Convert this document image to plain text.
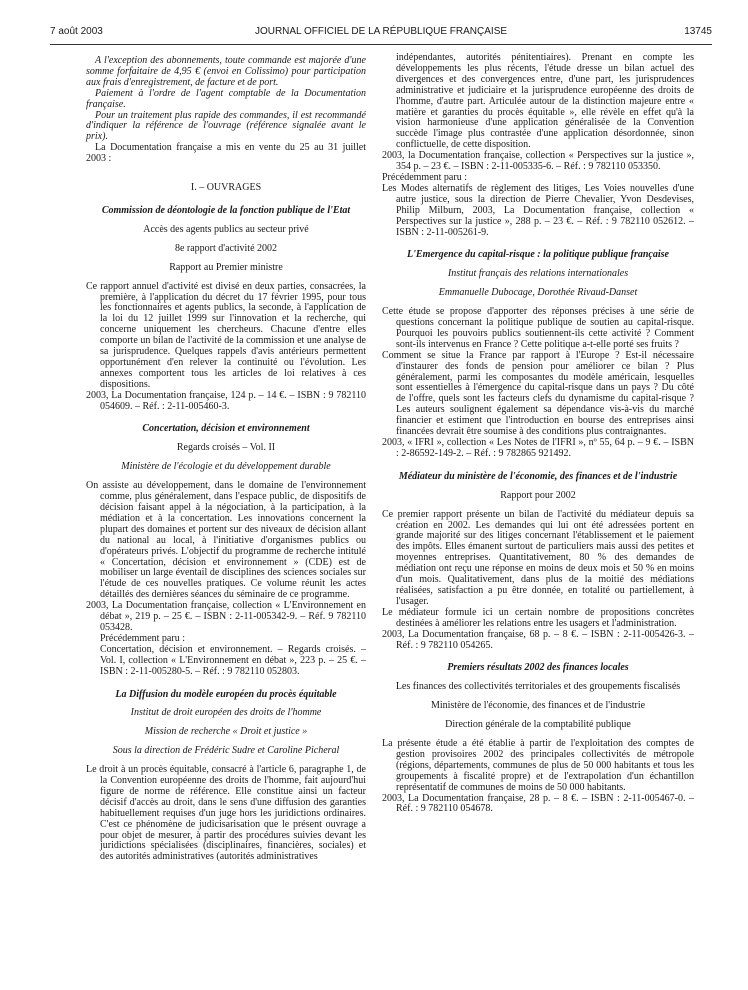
7 août 2003	JOURNAL OFFICIEL DE LA RÉPUBLIQUE FRANÇAISE	13745

A l'exception des abonnements, toute commande est majorée d'une somme forfaitaire de 4,95 € (envoi en Colissimo) pour participation aux frais d'enregistrement, de facture et de port.

Paiement à l'ordre de l'agent comptable de la Documentation française.

Pour un traitement plus rapide des commandes, il est recommandé d'indiquer la référence de l'ouvrage (référence signalée avant le prix).

La Documentation française a mis en vente du 25 au 31 juillet 2003 :

I. – OUVRAGES

Commission de déontologie de la fonction publique de l'Etat

Accès des agents publics au secteur privé

8e rapport d'activité 2002

Rapport au Premier ministre

Ce rapport annuel d'activité est divisé en deux parties, consacrées, la première, à l'application du décret du 17 février 1995, pour tous les fonctionnaires et agents publics, la seconde, à l'application de la loi du 12 juillet 1999 sur l'innovation et la recherche, qui concerne uniquement les chercheurs. Chacune d'entre elles comporte un bilan de l'activité de la commission et une analyse de sa jurisprudence. Quelques rappels d'avis antérieurs permettent opportunément d'en relever la continuité ou l'évolution. Les annexes comportent tous les articles de loi relatives à ces dispositions.

2003, La Documentation française, 124 p. – 14 €. – ISBN : 9 782110 054609. – Réf. : 2-11-005460-3.

Concertation, décision et environnement

Regards croisés – Vol. II

Ministère de l'écologie et du développement durable

On assiste au développement, dans le domaine de l'environnement comme, plus généralement, dans l'espace public, de dispositifs de décision faisant appel à la négociation, à la participation, à la médiation et à la concertation. Les innovations concernent la plupart des domaines et portent sur des niveaux de décision allant du national au local, à l'initiative d'organismes publics ou d'opérateurs privés. L'objectif du programme de recherche intitulé « Concertation, décision et environnement » (CDE) est de mobiliser un large éventail de disciplines des sciences sociales sur l'étude de ces nouvelles pratiques. Ce volume réunit les actes détaillés des dernières séances du séminaire de ce programme.

2003, La Documentation française, collection « L'Environnement en débat », 219 p. – 25 €. – ISBN : 2-11-005342-9. – Réf. 9 782110 053428.

Précédemment paru :

Concertation, décision et environnement. – Regards croisés. – Vol. I, collection « L'Environnement en débat », 223 p. – 25 €. – ISBN : 2-11-005280-5. – Réf. : 9 782110 052803.

La Diffusion du modèle européen du procès équitable

Institut de droit européen des droits de l'homme

Mission de recherche « Droit et justice »

Sous la direction de Frédéric Sudre et Caroline Picheral

Le droit à un procès équitable, consacré à l'article 6, paragraphe 1, de la Convention européenne des droits de l'homme, fait aujourd'hui figure de norme de référence. Elle constitue ainsi un facteur décisif d'accès au droit, dans le sens d'une diffusion des garanties habituellement requises d'un juge hors les juridictions ordinaires. C'est ce phénomène de judicisarisation que le présent ouvrage a pour objet de mesurer, à partir des procédures suivies devant les juridictions spécialisées (disciplinaires, financières, sociales) et des autorités administratives (autorités administratives

indépendantes, autorités pénitentiaires). Prenant en compte les développements les plus récents, l'étude dresse un bilan actuel des divergences et des convergences entre, d'une part, les jurisprudences administrative et judiciaire et la jurisprudence européenne des droits de l'homme, d'autre part. Articulée autour de la distinction majeure entre « matière et garanties du procès équitable », elle révèle en effet qu'à la vision harmonieuse d'une application généralisée de la Convention succède l'image plus contrastée d'une application désordonnée, sinon conflictuelle, de cette disposition.

2003, la Documentation française, collection « Perspectives sur la justice », 354 p. – 23 €. – ISBN : 2-11-005335-6. – Réf. : 9 782110 053350.

Précédemment paru :

Les Modes alternatifs de règlement des litiges, Les Voies nouvelles d'une autre justice, sous la direction de Pierre Chevalier, Yvon Desdevises, Philip Milburn, 2003, La Documentation française, collection « Perspectives sur la justice », 288 p. – 23 €. – Réf. : 9 782110 052612. – ISBN : 2-11-005261-9.

L'Emergence du capital-risque : la politique publique française

Institut français des relations internationales

Emmanuelle Dubocage, Dorothée Rivaud-Danset

Cette étude se propose d'apporter des réponses précises à une série de questions concernant la politique publique de soutien au capital-risque. Pourquoi les pouvoirs publics soutiennent-ils cette activité ? Comment sont-ils intervenus en France ? Cette politique a-t-elle porté ses fruits ?

Comment se situe la France par rapport à l'Europe ? Est-il nécessaire d'instaurer des fonds de pension pour améliorer ce bilan ? Plus généralement, parmi les composantes du modèle américain, lesquelles sont essentielles à l'émergence du capital-risque dans un pays ? Du côté de l'offre, quels sont les facteurs clefs du dynamisme du capital-risque ? Les auteurs soulignent également sa dépendance vis-à-vis du marché financier et estiment que l'introduction en bourse des entreprises ainsi financées devrait être soumise à des conditions plus contraignantes.

2003, « IFRI », collection « Les Notes de l'IFRI », nº 55, 64 p. – 9 €. – ISBN : 2-86592-149-2. – Réf. : 9 782865 921492.

Médiateur du ministère de l'économie, des finances et de l'industrie

Rapport pour 2002

Ce premier rapport présente un bilan de l'activité du médiateur depuis sa création en 2002. Les demandes qui lui ont été adressées portent en grande majorité sur des litiges concernant l'établissement et le paiement des impôts. Elles émanent surtout de particuliers mais aussi des petites et moyennes entreprises. Quantitativement, 80 % des demandes de médiation ont reçu une réponse en moins de deux mois et 50 % en moins d'un mois. Qualitativement, dans plus de la moitié des médiations réalisées, satisfaction a pu être donnée, en totalité ou partiellement, à l'usager.

Le médiateur formule ici un certain nombre de propositions concrètes destinées à améliorer les relations entre les usagers et l'administration.

2003, La Documentation française, 68 p. – 8 €. – ISBN : 2-11-005426-3. – Réf. : 9 782110 054265.

Premiers résultats 2002 des finances locales

Les finances des collectivités territoriales et des groupements fiscalisés

Ministère de l'économie, des finances et de l'industrie

Direction générale de la comptabilité publique

La présente étude a été établie à partir de l'exploitation des comptes de gestion provisoires 2002 des principales collectivités de métropole (régions, départements, communes de plus de 50 000 habitants et tous les groupements à fiscalité propre) et de l'extrapolation d'un échantillon représentatif de communes de moins de 50 000 habitants.

2003, La Documentation française, 28 p. – 8 €. – ISBN : 2-11-005467-0. – Réf. : 9 782110 054678.
